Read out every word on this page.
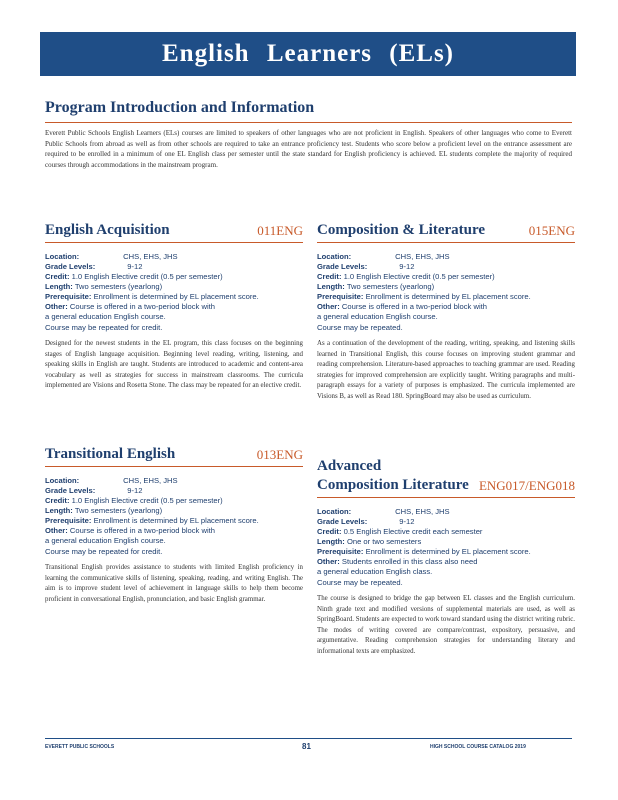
English Learners (ELs)
Program Introduction and Information
Everett Public Schools English Learners (ELs) courses are limited to speakers of other languages who are not proficient in English. Speakers of other languages who come to Everett Public Schools from abroad as well as from other schools are required to take an entrance proficiency test. Students who score below a proficient level on the entrance assessment are required to be enrolled in a minimum of one EL English class per semester until the state standard for English proficiency is achieved. EL students complete the majority of required courses through accommodations in the mainstream program.
English Acquisition	011ENG
Location:	CHS, EHS, JHS
Grade Levels:	9-12
Credit: 1.0 English Elective credit (0.5 per semester)
Length: Two semesters (yearlong)
Prerequisite: Enrollment is determined by EL placement score.
Other: Course is offered in a two-period block with
a general education English course.
Course may be repeated for credit.
Designed for the newest students in the EL program, this class focuses on the beginning stages of English language acquisition. Beginning level reading, writing, listening, and speaking skills in English are taught. Students are introduced to academic and content-area vocabulary as well as strategies for success in mainstream classrooms. The curricula implemented are Visions and Rosetta Stone. The class may be repeated for an elective credit.
Transitional English	013ENG
Location:	CHS, EHS, JHS
Grade Levels:	9-12
Credit: 1.0 English Elective credit (0.5 per semester)
Length: Two semesters (yearlong)
Prerequisite: Enrollment is determined by EL placement score.
Other: Course is offered in a two-period block with
a general education English course.
Course may be repeated for credit.
Transitional English provides assistance to students with limited English proficiency in learning the communicative skills of listening, speaking, reading, and writing English. The aim is to improve student level of achievement in language skills to help them become proficient in conversational English, pronunciation, and basic English grammar.
Composition & Literature	015ENG
Location:	CHS, EHS, JHS
Grade Levels:	9-12
Credit: 1.0 English Elective credit (0.5 per semester)
Length: Two semesters (yearlong)
Prerequisite: Enrollment is determined by EL placement score.
Other: Course is offered in a two-period block with
a general education English course.
Course may be repeated.
As a continuation of the development of the reading, writing, speaking, and listening skills learned in Transitional English, this course focuses on improving student grammar and reading comprehension. Literature-based approaches to teaching grammar are used. Reading strategies for improved comprehension are explicitly taught. Writing paragraphs and multi-paragraph essays for a variety of purposes is emphasized. The curricula implemented are Visions B, as well as Read 180. SpringBoard may also be used as curriculum.
Advanced
Composition Literature ENG017/ENG018
Location:	CHS, EHS, JHS
Grade Levels:	9-12
Credit: 0.5 English Elective credit each semester
Length: One or two semesters
Prerequisite: Enrollment is determined by EL placement score.
Other: Students enrolled in this class also need
a general education English class.
Course may be repeated.
The course is designed to bridge the gap between EL classes and the English curriculum. Ninth grade text and modified versions of supplemental materials are used, as well as SpringBoard. Students are expected to work toward standard using the district writing rubric. The modes of writing covered are compare/contrast, expository, persuasive, and argumentative. Reading comprehension strategies for understanding literary and informational texts are emphasized.
EVERETT PUBLIC SCHOOLS	81	HIGH SCHOOL COURSE CATALOG 2019
